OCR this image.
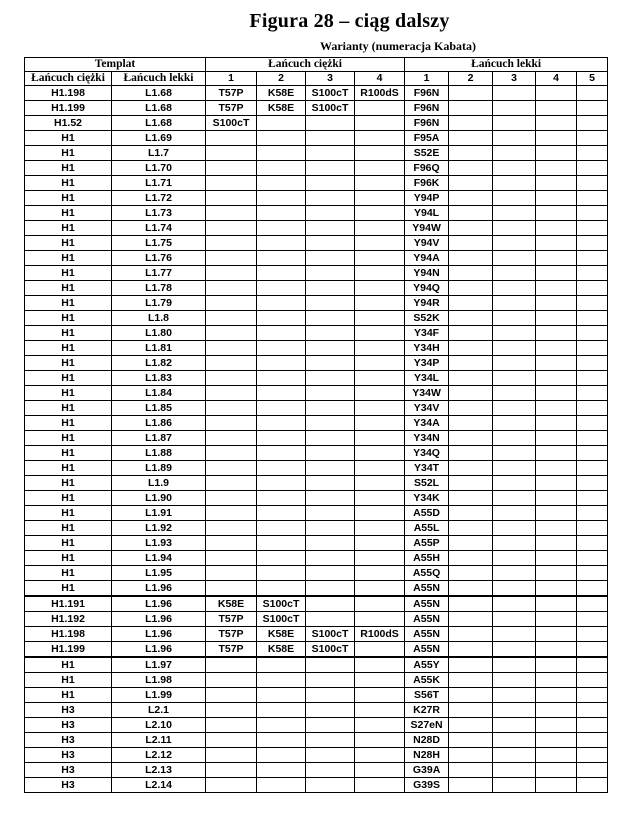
Figura 28 – ciąg dalszy
Warianty (numeracja Kabata)
Templat		Łańcuch ciężki				Łańcuch lekki				
Łańcuch ciężki	Łańcuch lekki	1	2	3	4	1	2	3	4	5
H1.198	L1.68	T57P	K58E	S100cT	R100dS	F96N				
H1.199	L1.68	T57P	K58E	S100cT		F96N				
H1.52	L1.68	S100cT				F96N				
H1	L1.69					F95A				
H1	L1.7					S52E				
H1	L1.70					F96Q				
H1	L1.71					F96K				
H1	L1.72					Y94P				
H1	L1.73					Y94L				
H1	L1.74					Y94W				
H1	L1.75					Y94V				
H1	L1.76					Y94A				
H1	L1.77					Y94N				
H1	L1.78					Y94Q				
H1	L1.79					Y94R				
H1	L1.8					S52K				
H1	L1.80					Y34F				
H1	L1.81					Y34H				
H1	L1.82					Y34P				
H1	L1.83					Y34L				
H1	L1.84					Y34W				
H1	L1.85					Y34V				
H1	L1.86					Y34A				
H1	L1.87					Y34N				
H1	L1.88					Y34Q				
H1	L1.89					Y34T				
H1	L1.9					S52L				
H1	L1.90					Y34K				
H1	L1.91					A55D				
H1	L1.92					A55L				
H1	L1.93					A55P				
H1	L1.94					A55H				
H1	L1.95					A55Q				
H1	L1.96					A55N				
H1.191	L1.96	K58E	S100cT			A55N				
H1.192	L1.96	T57P	S100cT			A55N				
H1.198	L1.96	T57P	K58E	S100cT	R100dS	A55N				
H1.199	L1.96	T57P	K58E	S100cT		A55N				
H1	L1.97					A55Y				
H1	L1.98					A55K				
H1	L1.99					S56T				
H3	L2.1					K27R				
H3	L2.10					S27eN				
H3	L2.11					N28D				
H3	L2.12					N28H				
H3	L2.13					G39A				
H3	L2.14					G39S				
